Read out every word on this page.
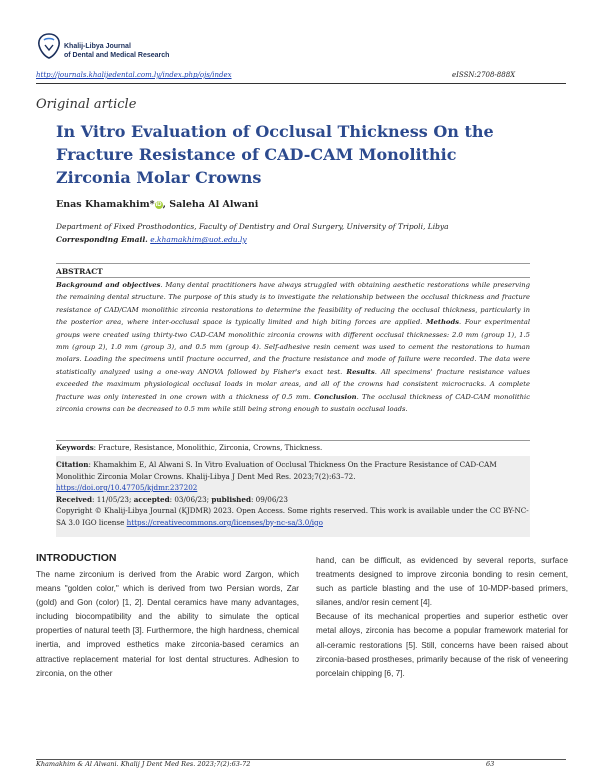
Khalij-Libya Journal
of Dental and Medical Research
http://journals.khalijedental.com.ly/index.php/ojs/index	eISSN:2708-888X
Original article
In Vitro Evaluation of Occlusal Thickness On the Fracture Resistance of CAD-CAM Monolithic Zirconia Molar Crowns
Enas Khamakhim*iD, Saleha Al Alwani
Department of Fixed Prosthodontics, Faculty of Dentistry and Oral Surgery, University of Tripoli, Libya
Corresponding Email. e.khamakhim@uot.edu.ly
ABSTRACT
Background and objectives. Many dental practitioners have always struggled with obtaining aesthetic restorations while preserving the remaining dental structure. The purpose of this study is to investigate the relationship between the occlusal thickness and fracture resistance of CAD/CAM monolithic zirconia restorations to determine the feasibility of reducing the occlusal thickness, particularly in the posterior area, where inter-occlusal space is typically limited and high biting forces are applied. Methods. Four experimental groups were created using thirty-two CAD-CAM monolithic zirconia crowns with different occlusal thicknesses: 2.0 mm (group 1), 1.5 mm (group 2), 1.0 mm (group 3), and 0.5 mm (group 4). Self-adhesive resin cement was used to cement the restorations to human molars. Loading the specimens until fracture occurred, and the fracture resistance and mode of failure were recorded. The data were statistically analyzed using a one-way ANOVA followed by Fisher's exact test. Results. All specimens' fracture resistance values exceeded the maximum physiological occlusal loads in molar areas, and all of the crowns had consistent microcracks. A complete fracture was only interested in one crown with a thickness of 0.5 mm. Conclusion. The occlusal thickness of CAD-CAM monolithic zirconia crowns can be decreased to 0.5 mm while still being strong enough to sustain occlusal loads.
Keywords: Fracture, Resistance, Monolithic, Zirconia, Crowns, Thickness.
Citation: Khamakhim E, Al Alwani S. In Vitro Evaluation of Occlusal Thickness On the Fracture Resistance of CAD-CAM Monolithic Zirconia Molar Crowns. Khalij-Libya J Dent Med Res. 2023;7(2):63–72.
https://doi.org/10.47705/kjdmr.237202
Received: 11/05/23; accepted: 03/06/23; published: 09/06/23
Copyright © Khalij-Libya Journal (KJDMR) 2023. Open Access. Some rights reserved. This work is available under the CC BY-NC-SA 3.0 IGO license https://creativecommons.org/licenses/by-nc-sa/3.0/igo
INTRODUCTION
The name zirconium is derived from the Arabic word Zargon, which means "golden color," which is derived from two Persian words, Zar (gold) and Gon (color) [1, 2]. Dental ceramics have many advantages, including biocompatibility and the ability to simulate the optical properties of natural teeth [3]. Furthermore, the high hardness, chemical inertia, and improved esthetics make zirconia-based ceramics an attractive replacement material for lost dental structures. Adhesion to zirconia, on the other
hand, can be difficult, as evidenced by several reports, surface treatments designed to improve zirconia bonding to resin cement, such as particle blasting and the use of 10-MDP-based primers, silanes, and/or resin cement [4].
Because of its mechanical properties and superior esthetic over metal alloys, zirconia has become a popular framework material for all-ceramic restorations [5]. Still, concerns have been raised about zirconia-based prostheses, primarily because of the risk of veneering porcelain chipping [6, 7].
Khamakhim & Al Alwani. Khalij J Dent Med Res. 2023;7(2):63-72	63
